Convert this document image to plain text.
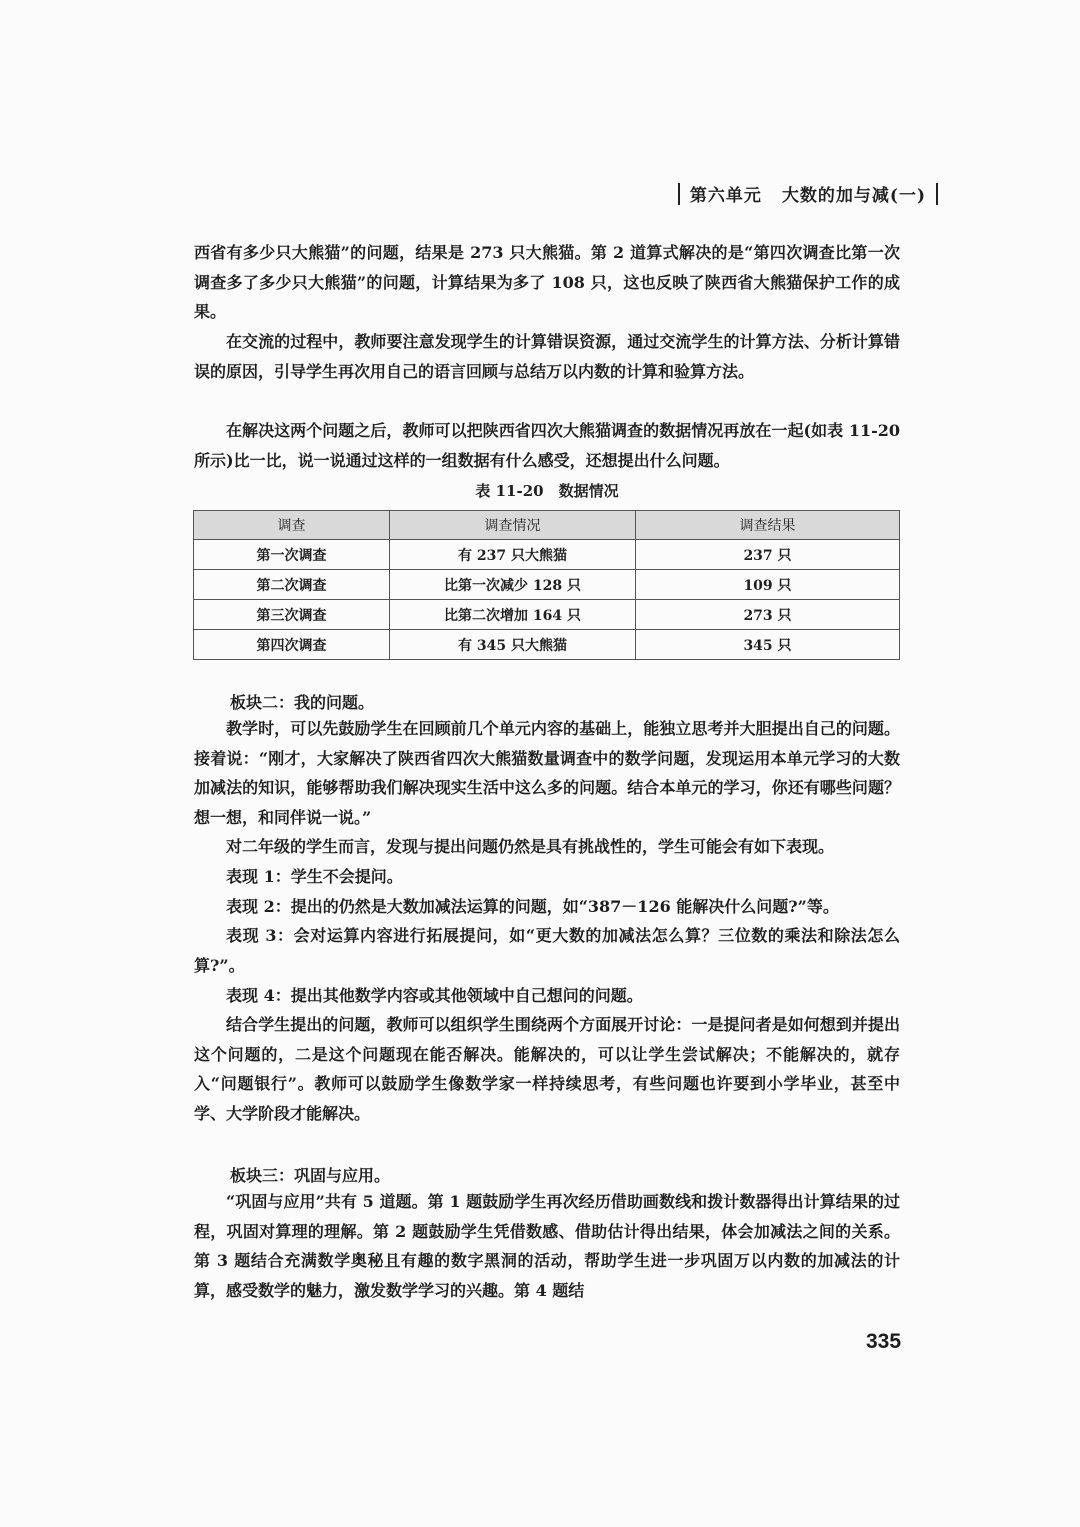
第六单元 大数的加与减(一)

西省有多少只大熊猫”的问题，结果是 273 只大熊猫。第 2 道算式解决的是“第四次调查比第一次调查多了多少只大熊猫”的问题，计算结果为多了 108 只，这也反映了陕西省大熊猫保护工作的成果。

在交流的过程中，教师要注意发现学生的计算错误资源，通过交流学生的计算方法、分析计算错误的原因，引导学生再次用自己的语言回顾与总结万以内数的计算和验算方法。

在解决这两个问题之后，教师可以把陕西省四次大熊猫调查的数据情况再放在一起(如表 11-20 所示)比一比，说一说通过这样的一组数据有什么感受，还想提出什么问题。

表 11-20　数据情况
调查	调查情况	调查结果
第一次调查	有 237 只大熊猫	237 只
第二次调查	比第一次减少 128 只	109 只
第三次调查	比第二次增加 164 只	273 只
第四次调查	有 345 只大熊猫	345 只

板块二：我的问题。

教学时，可以先鼓励学生在回顾前几个单元内容的基础上，能独立思考并大胆提出自己的问题。接着说：“刚才，大家解决了陕西省四次大熊猫数量调查中的数学问题，发现运用本单元学习的大数加减法的知识，能够帮助我们解决现实生活中这么多的问题。结合本单元的学习，你还有哪些问题？想一想，和同伴说一说。”

对二年级的学生而言，发现与提出问题仍然是具有挑战性的，学生可能会有如下表现。

表现 1：学生不会提问。

表现 2：提出的仍然是大数加减法运算的问题，如“387－126 能解决什么问题?”等。

表现 3：会对运算内容进行拓展提问，如“更大数的加减法怎么算？三位数的乘法和除法怎么算?”。

表现 4：提出其他数学内容或其他领域中自己想问的问题。

结合学生提出的问题，教师可以组织学生围绕两个方面展开讨论：一是提问者是如何想到并提出这个问题的，二是这个问题现在能否解决。能解决的，可以让学生尝试解决；不能解决的，就存入“问题银行”。教师可以鼓励学生像数学家一样持续思考，有些问题也许要到小学毕业，甚至中学、大学阶段才能解决。

板块三：巩固与应用。

“巩固与应用”共有 5 道题。第 1 题鼓励学生再次经历借助画数线和拨计数器得出计算结果的过程，巩固对算理的理解。第 2 题鼓励学生凭借数感、借助估计得出结果，体会加减法之间的关系。第 3 题结合充满数学奥秘且有趣的数字黑洞的活动，帮助学生进一步巩固万以内数的加减法的计算，感受数学的魅力，激发数学学习的兴趣。第 4 题结

335
